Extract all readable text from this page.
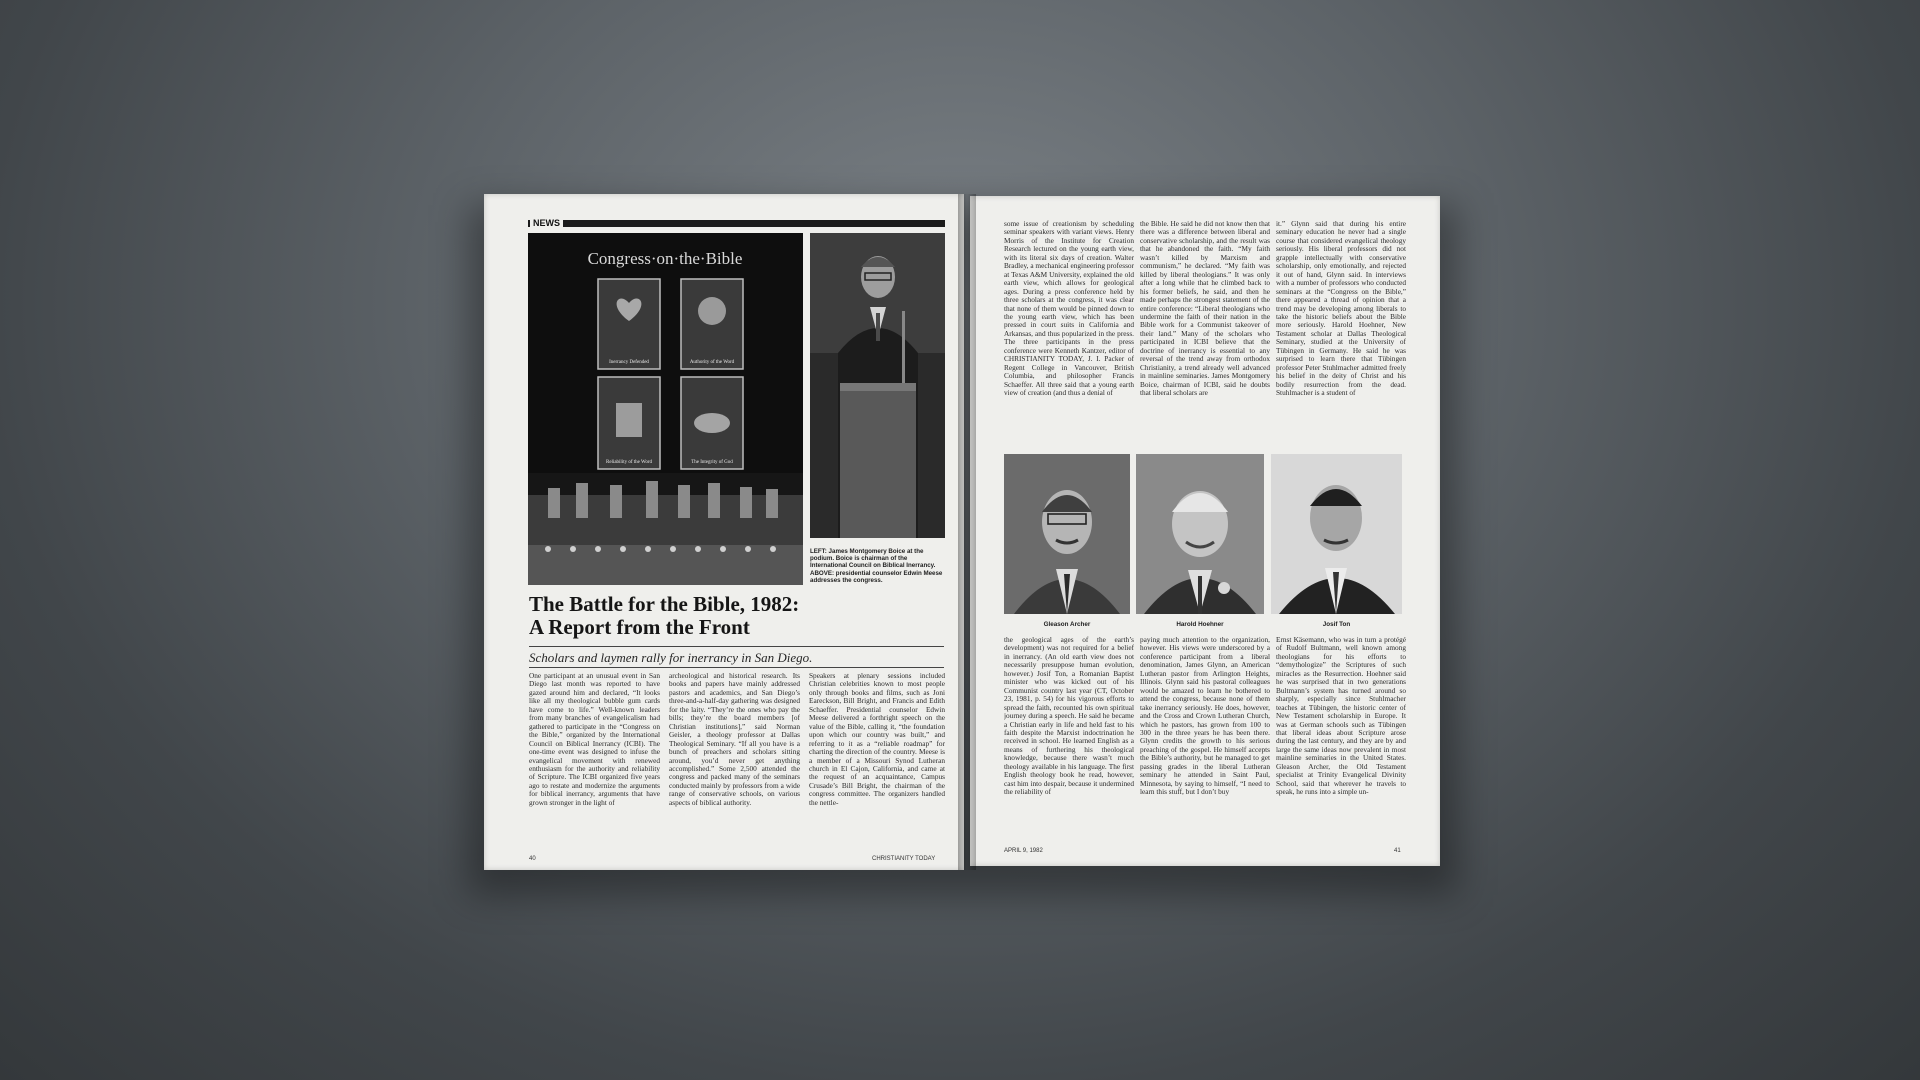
NEWS
Congress·on·the·Bible
Inerrancy Defended	Authority of the Word
Reliability of the Word	The Integrity of God
LEFT: James Montgomery Boice at the podium. Boice is chairman of the International Council on Biblical Inerrancy. ABOVE: presidential counselor Edwin Meese addresses the congress.
The Battle for the Bible, 1982:
A Report from the Front
Scholars and laymen rally for inerrancy in San Diego.
One participant at an unusual event in San Diego last month was reported to have gazed around him and declared, “It looks like all my theological bubble gum cards have come to life.” Well-known leaders from many branches of evangelicalism had gathered to participate in the “Congress on the Bible,” organized by the International Council on Biblical Inerrancy (ICBI). The one-time event was designed to infuse the evangelical movement with renewed enthusiasm for the authority and reliability of Scripture. The ICBI organized five years ago to restate and modernize the arguments for biblical inerrancy, arguments that have grown stronger in the light of
archeological and historical research. Its books and papers have mainly addressed pastors and academics, and San Diego’s three-and-a-half-day gathering was designed for the laity. “They’re the ones who pay the bills; they’re the board members [of Christian institutions],” said Norman Geisler, a theology professor at Dallas Theological Seminary. “If all you have is a bunch of preachers and scholars sitting around, you’d never get anything accomplished.” Some 2,500 attended the congress and packed many of the seminars conducted mainly by professors from a wide range of conservative schools, on various aspects of biblical authority.
Speakers at plenary sessions included Christian celebrities known to most people only through books and films, such as Joni Eareckson, Bill Bright, and Francis and Edith Schaeffer. Presidential counselor Edwin Meese delivered a forthright speech on the value of the Bible, calling it, “the foundation upon which our country was built,” and referring to it as a “reliable roadmap” for charting the direction of the country. Meese is a member of a Missouri Synod Lutheran church in El Cajon, California, and came at the request of an acquaintance, Campus Crusade’s Bill Bright, the chairman of the congress committee. The organizers handled the nettle-
40	CHRISTIANITY TODAY
some issue of creationism by scheduling seminar speakers with variant views. Henry Morris of the Institute for Creation Research lectured on the young earth view, with its literal six days of creation. Walter Bradley, a mechanical engineering professor at Texas A&M University, explained the old earth view, which allows for geological ages. During a press conference held by three scholars at the congress, it was clear that none of them would be pinned down to the young earth view, which has been pressed in court suits in California and Arkansas, and thus popularized in the press. The three participants in the press conference were Kenneth Kantzer, editor of CHRISTIANITY TODAY, J. I. Packer of Regent College in Vancouver, British Columbia, and philosopher Francis Schaeffer. All three said that a young earth view of creation (and thus a denial of
the Bible. He said he did not know then that there was a difference between liberal and conservative scholarship, and the result was that he abandoned the faith. “My faith wasn’t killed by Marxism and communism,” he declared. “My faith was killed by liberal theologians.” It was only after a long while that he climbed back to his former beliefs, he said, and then he made perhaps the strongest statement of the entire conference: “Liberal theologians who undermine the faith of their nation in the Bible work for a Communist takeover of their land.” Many of the scholars who participated in ICBI believe that the doctrine of inerrancy is essential to any reversal of the trend away from orthodox Christianity, a trend already well advanced in mainline seminaries. James Montgomery Boice, chairman of ICBI, said he doubts that liberal scholars are
it.” Glynn said that during his entire seminary education he never had a single course that considered evangelical theology seriously. His liberal professors did not grapple intellectually with conservative scholarship, only emotionally, and rejected it out of hand, Glynn said. In interviews with a number of professors who conducted seminars at the “Congress on the Bible,” there appeared a thread of opinion that a trend may be developing among liberals to take the historic beliefs about the Bible more seriously. Harold Hoehner, New Testament scholar at Dallas Theological Seminary, studied at the University of Tübingen in Germany. He said he was surprised to learn there that Tübingen professor Peter Stuhlmacher admitted freely his belief in the deity of Christ and his bodily resurrection from the dead. Stuhlmacher is a student of
Gleason Archer	Harold Hoehner	Josif Ton
the geological ages of the earth’s development) was not required for a belief in inerrancy. (An old earth view does not necessarily presuppose human evolution, however.) Josif Ton, a Romanian Baptist minister who was kicked out of his Communist country last year (CT, October 23, 1981, p. 54) for his vigorous efforts to spread the faith, recounted his own spiritual journey during a speech. He said he became a Christian early in life and held fast to his faith despite the Marxist indoctrination he received in school. He learned English as a means of furthering his theological knowledge, because there wasn’t much theology available in his language. The first English theology book he read, however, cast him into despair, because it undermined the reliability of
paying much attention to the organization, however. His views were underscored by a conference participant from a liberal denomination, James Glynn, an American Lutheran pastor from Arlington Heights, Illinois. Glynn said his pastoral colleagues would be amazed to learn he bothered to attend the congress, because none of them take inerrancy seriously. He does, however, and the Cross and Crown Lutheran Church, which he pastors, has grown from 100 to 300 in the three years he has been there. Glynn credits the growth to his serious preaching of the gospel. He himself accepts the Bible’s authority, but he managed to get passing grades in the liberal Lutheran seminary he attended in Saint Paul, Minnesota, by saying to himself, “I need to learn this stuff, but I don’t buy
Ernst Käsemann, who was in turn a protégé of Rudolf Bultmann, well known among theologians for his efforts to “demythologize” the Scriptures of such miracles as the Resurrection. Hoehner said he was surprised that in two generations Bultmann’s system has turned around so sharply, especially since Stuhlmacher teaches at Tübingen, the historic center of New Testament scholarship in Europe. It was at German schools such as Tübingen that liberal ideas about Scripture arose during the last century, and they are by and large the same ideas now prevalent in most mainline seminaries in the United States. Gleason Archer, the Old Testament specialist at Trinity Evangelical Divinity School, said that wherever he travels to speak, he runs into a simple un-
APRIL 9, 1982	41
